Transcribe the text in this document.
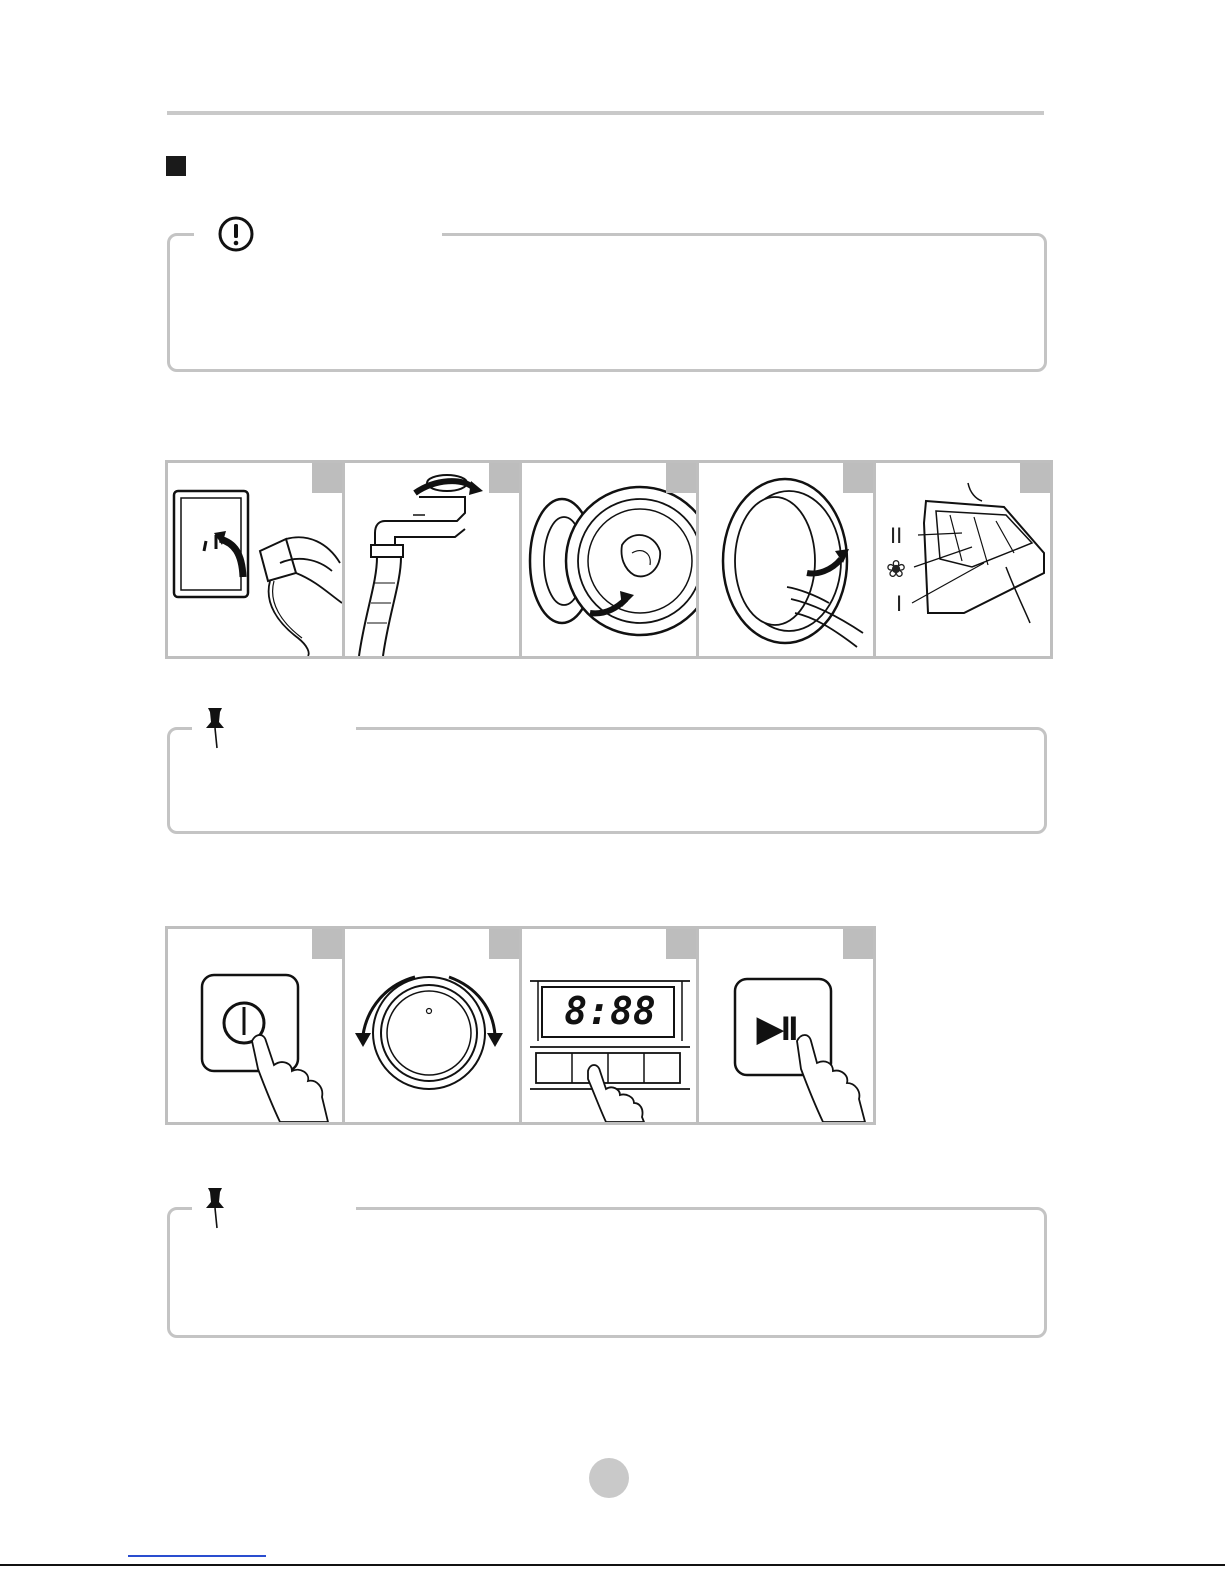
II
❀
I
8:88	▶II
